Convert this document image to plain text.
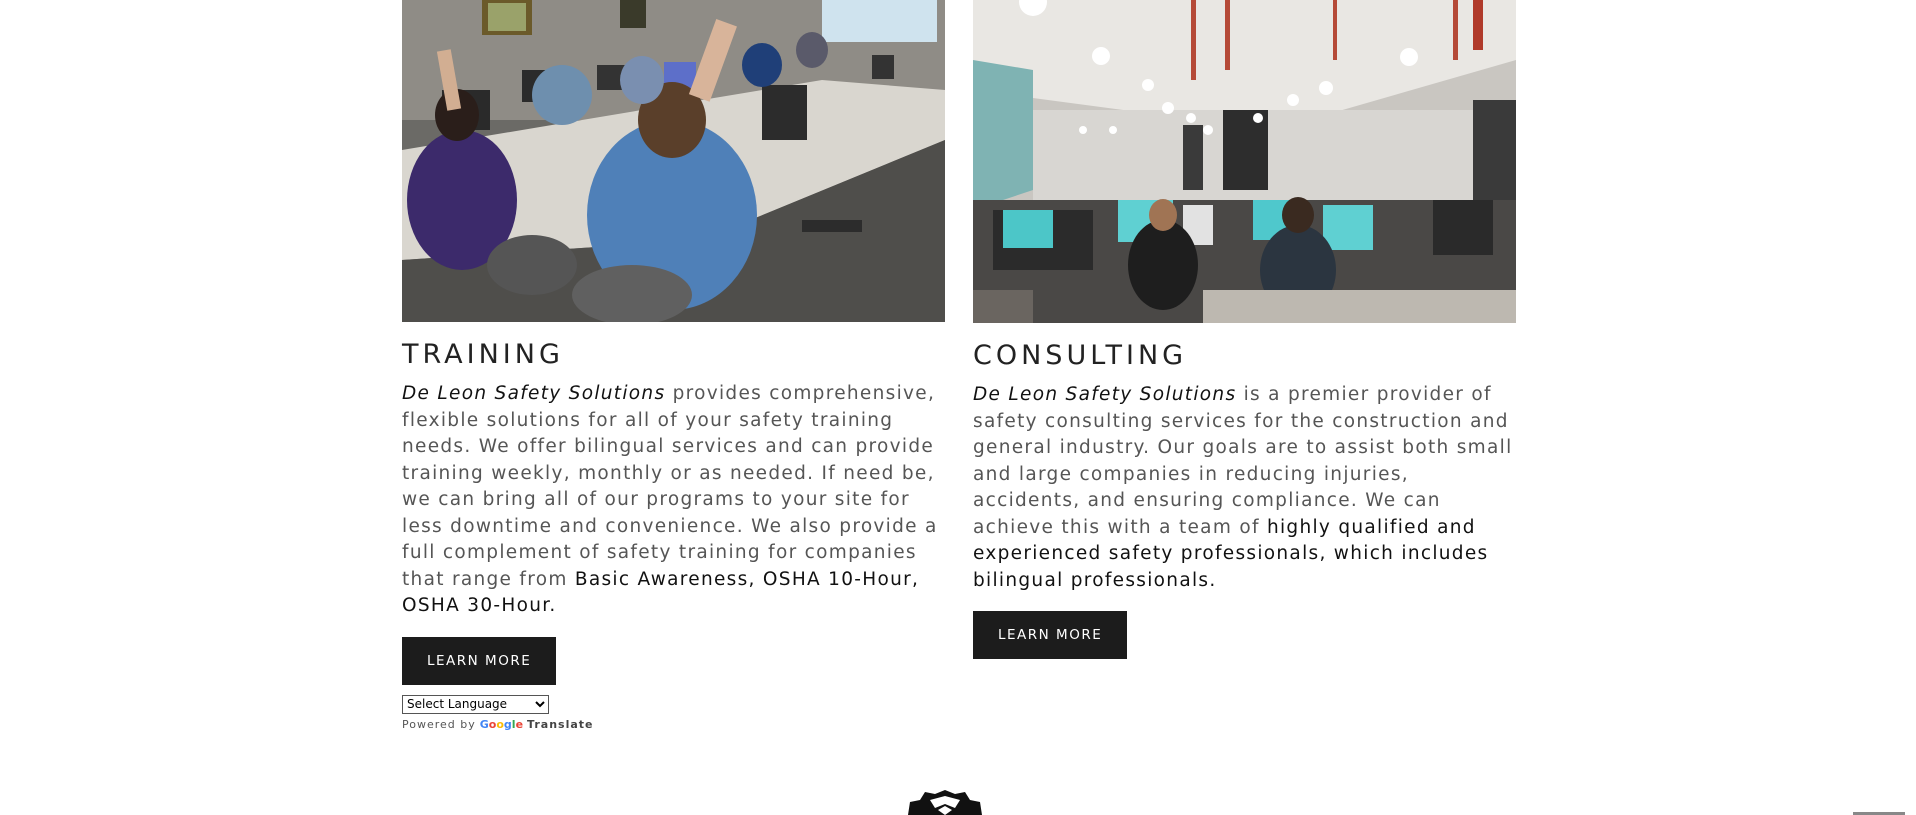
TRAINING

De Leon Safety Solutions provides comprehensive, flexible solutions for all of your safety training needs. We offer bilingual services and can provide training weekly, monthly or as needed. If need be, we can bring all of our programs to your site for less downtime and convenience. We also provide a full complement of safety training for companies that range from Basic Awareness, OSHA 10-Hour, OSHA 30-Hour.

LEARN MORE
CONSULTING

De Leon Safety Solutions is a premier provider of safety consulting services for the construction and general industry. Our goals are to assist both small and large companies in reducing injuries, accidents, and ensuring compliance. We can achieve this with a team of highly qualified and experienced safety professionals, which includes bilingual professionals.

LEARN MORE
Select Language
Powered by Google Translate
